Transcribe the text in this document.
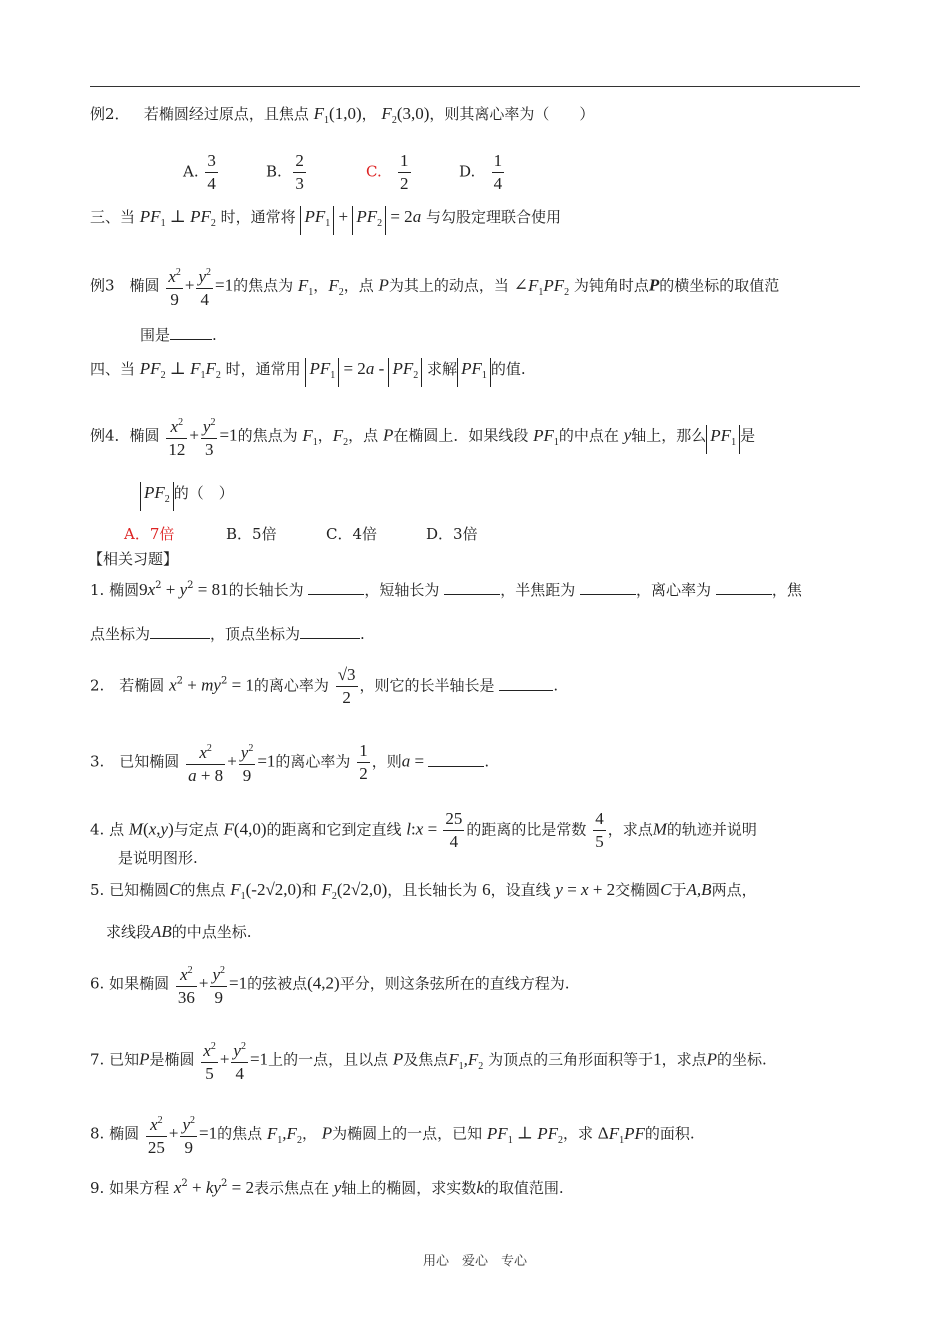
例2． 若椭圆经过原点，且焦点 $F_1(1,0)$， $F_2(3,0)$，则其离心率为（　　）
A. $\frac{3}{4}$	B. $\frac{2}{3}$	C. $\frac{1}{2}$	D. $\frac{1}{4}$
三、当 $PF_1$ ⊥ $PF_2$ 时，通常将 $PF_1 + PF_2 = 2a$ 与勾股定理联合使用
例3　椭圆 $\frac{x^2}{9} + \frac{y^2}{4} =1$的焦点为 $F_1$，$F_2$，点 P为其上的动点，当 $\angle F_1PF_2$ 为钝角时点P的横坐标的取值范
围是	.
四、当 $PF_2$ ⊥ $F_1F_2$ 时，通常用 $PF_1 = 2a - PF_2$ 求解 $PF_1$ 的值.
例4．椭圆 $\frac{x^2}{12} + \frac{y^2}{3} =1$的焦点为 $F_1$，$F_2$，点 P在椭圆上．如果线段 $PF_1$的中点在 y轴上，那么 $PF_1$ 是
$PF_2$ 的（　）
A．7倍	B．5倍	C．4倍	D．3倍
【相关习题】
1. 椭圆$9x^2 + y^2 = 81$的长轴长为	，短轴长为	，半焦距为	，离心率为	，焦
点坐标为	，顶点坐标为	.
2.　若椭圆 $x^2 + my^2 = 1$的离心率为 $\frac{√3}{2}$ ，则它的长半轴长是	.
3.　已知椭圆 $\frac{x^2}{a + 8} + \frac{y^2}{9} =1$的离心率为 $\frac{1}{2}$ ，则a =	.
4. 点 M(x,y)与定点 F(4,0)的距离和它到定直线 l:x = $\frac{25}{4}$ 的距离的比是常数 $\frac{4}{5}$ ，求点M的轨迹并说明
是说明图形.
5. 已知椭圆C的焦点 $F_1(-2√2,0)$和 $F_2(2√2,0)$，且长轴长为 6，设直线 y = x + 2交椭圆C于A,B两点，
求线段AB的中点坐标.
6. 如果椭圆 $\frac{x^2}{36} + \frac{y^2}{9} =1$的弦被点(4,2)平分，则这条弦所在的直线方程为.
7. 已知P是椭圆 $\frac{x^2}{5} + \frac{y^2}{4} =1$上的一点，且以点 P及焦点$F_1,F_2$ 为顶点的三角形面积等于1，求点P的坐标.
8. 椭圆 $\frac{x^2}{25} + \frac{y^2}{9} =1$的焦点 $F_1,F_2$， P为椭圆上的一点，已知 $PF_1$ ⊥ $PF_2$，求 $\Delta F_1PF$的面积.
9. 如果方程 $x^2 + ky^2 = 2$表示焦点在 y轴上的椭圆，求实数k的取值范围.
用心　爱心　专心
